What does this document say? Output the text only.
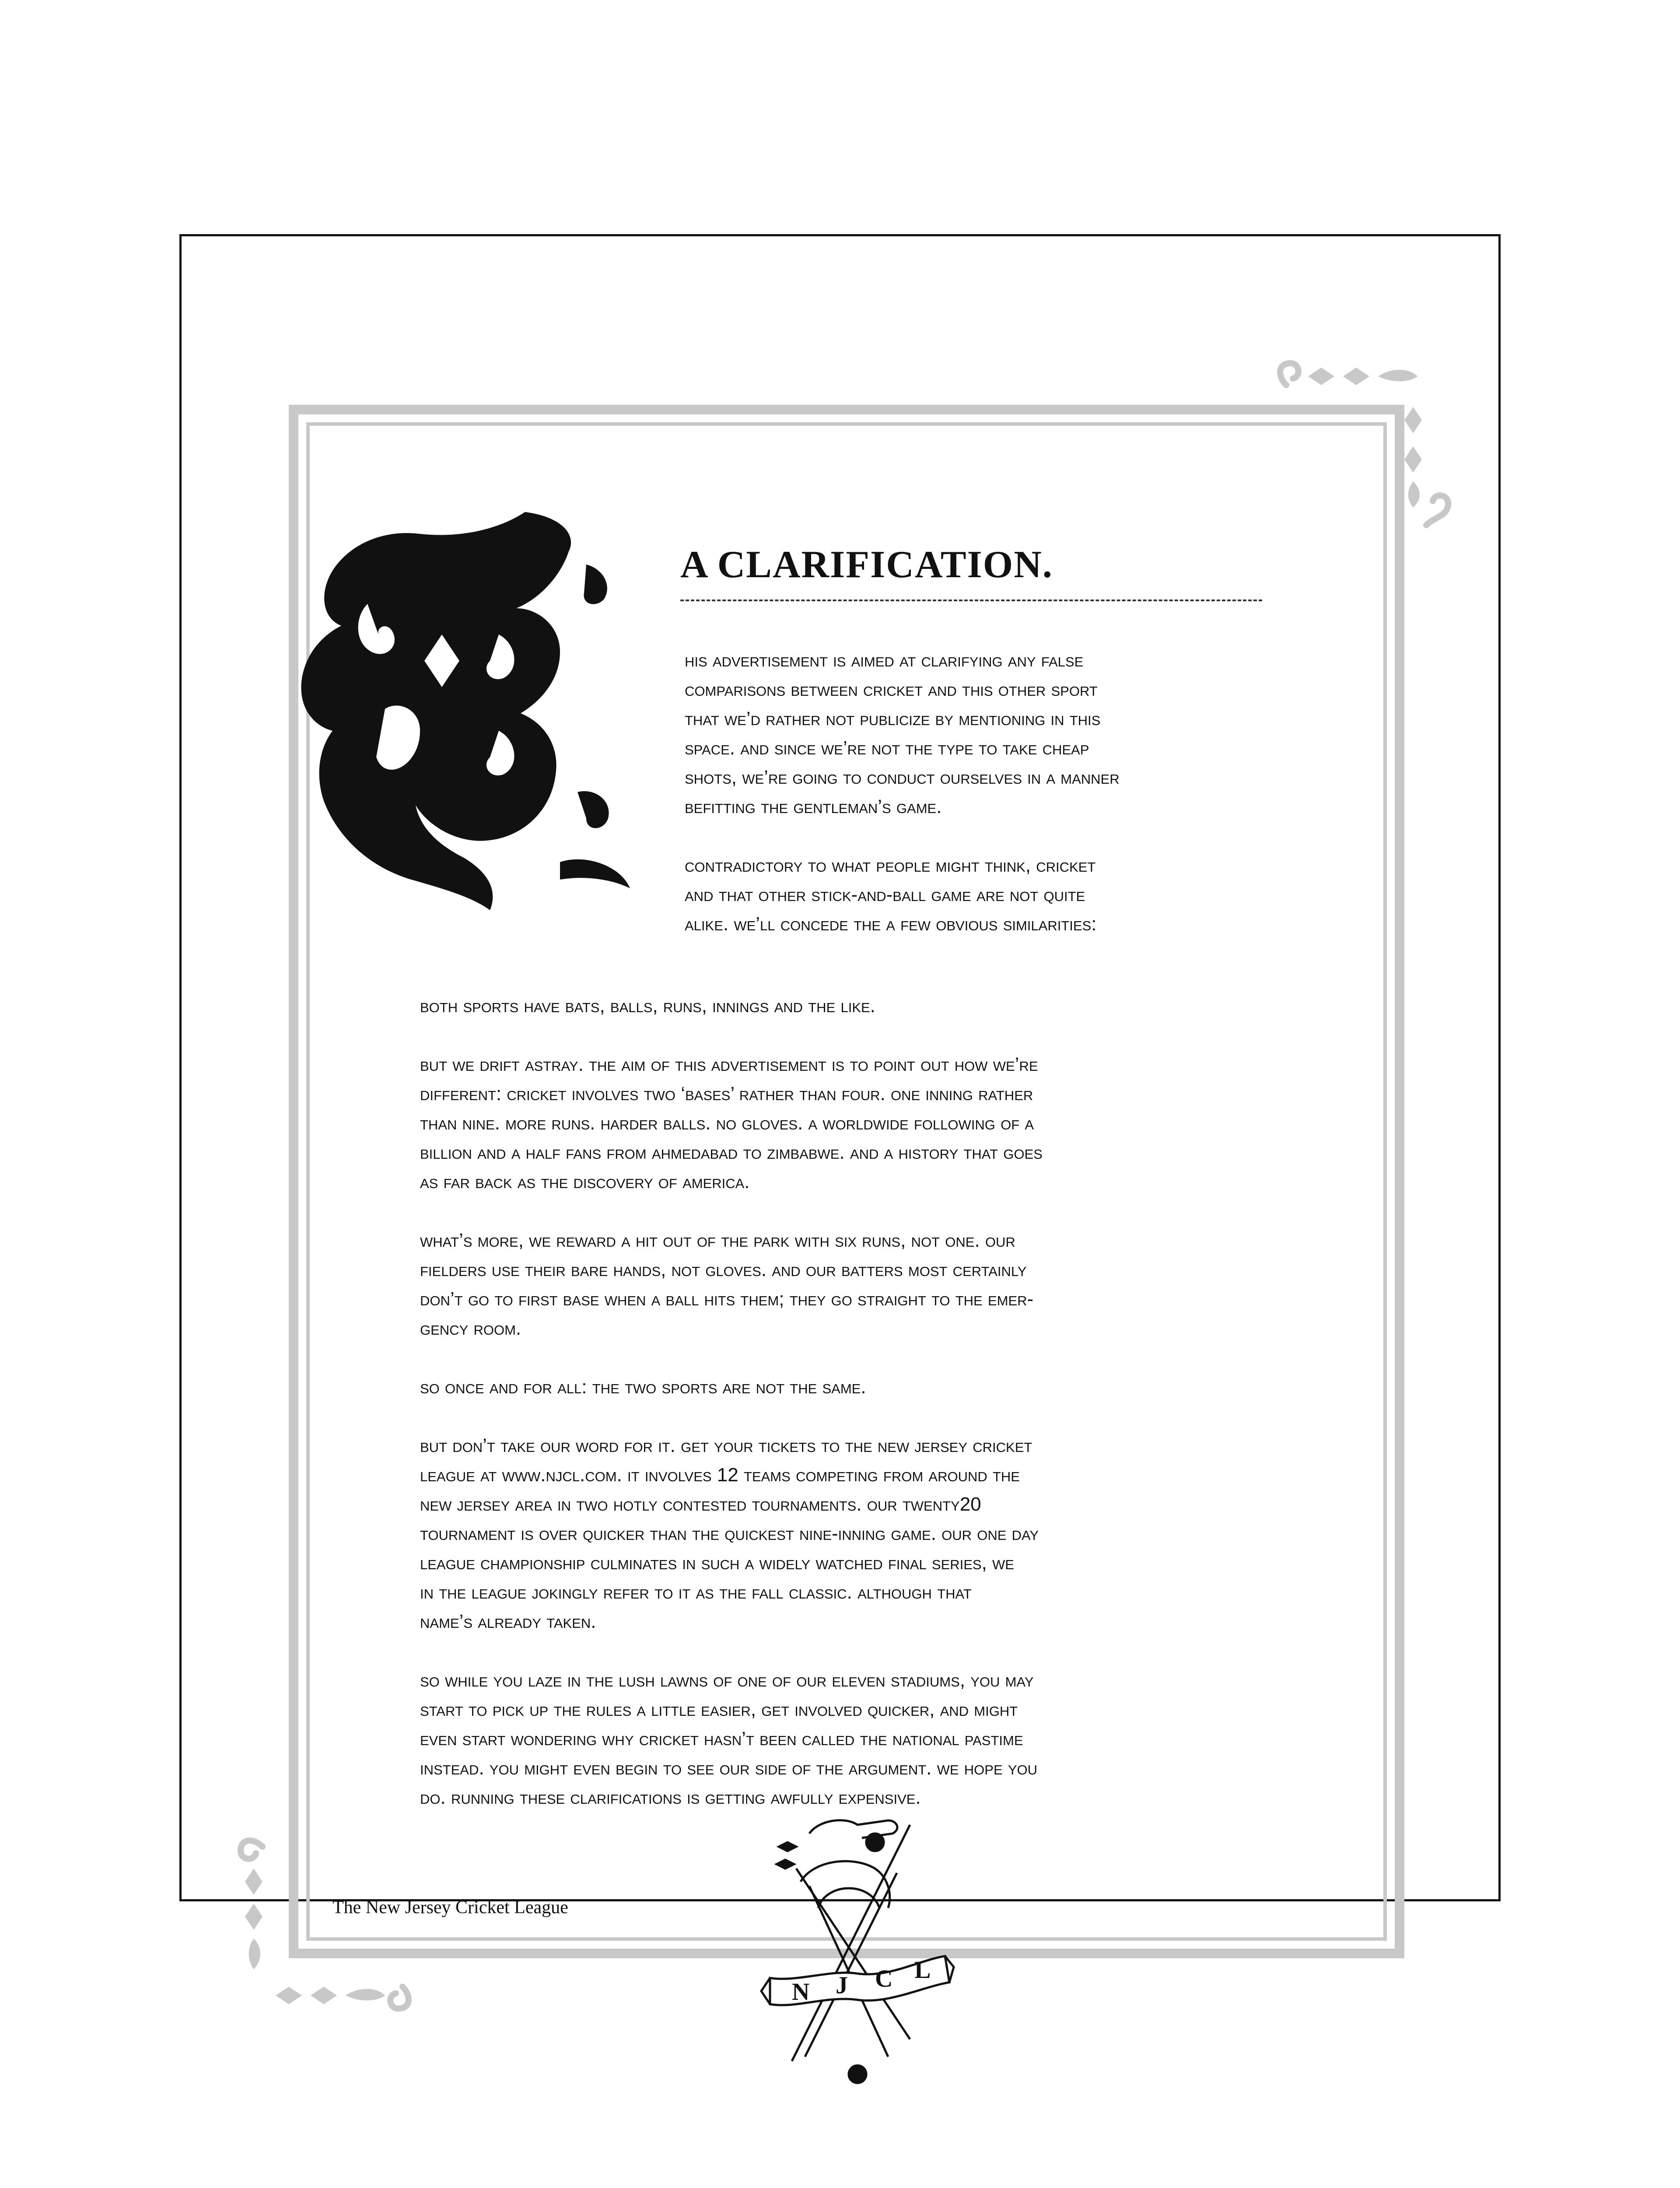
A CLARIFICATION.

his advertisement is aimed at clarifying any false
comparisons between cricket and this other sport
that we’d rather not publicize by mentioning in this
space. and since we’re not the type to take cheap
shots, we’re going to conduct ourselves in a manner
befitting the gentleman’s game.

contradictory to what people might think, cricket
and that other stick-and-ball game are not quite
alike. we’ll concede the a few obvious similarities:

both sports have bats, balls, runs, innings and the like.

but we drift astray. the aim of this advertisement is to point out how we’re
different: cricket involves two ‘bases’ rather than four. one inning rather
than nine. more runs. harder balls. no gloves. a worldwide following of a
billion and a half fans from ahmedabad to zimbabwe. and a history that goes
as far back as the discovery of america.

what’s more, we reward a hit out of the park with six runs, not one. our
fielders use their bare hands, not gloves. and our batters most certainly
don’t go to first base when a ball hits them; they go straight to the emer-
gency room.

so once and for all: the two sports are not the same.

but don’t take our word for it. get your tickets to the new jersey cricket
league at www.njcl.com. it involves 12 teams competing from around the
new jersey area in two hotly contested tournaments. our twenty20
tournament is over quicker than the quickest nine-inning game. our one day
league championship culminates in such a widely watched final series, we
in the league jokingly refer to it as the fall classic. although that
name’s already taken.

so while you laze in the lush lawns of one of our eleven stadiums, you may
start to pick up the rules a little easier, get involved quicker, and might
even start wondering why cricket hasn’t been called the national pastime
instead. you might even begin to see our side of the argument. we hope you
do. running these clarifications is getting awfully expensive.

The New Jersey Cricket League
N J C L
